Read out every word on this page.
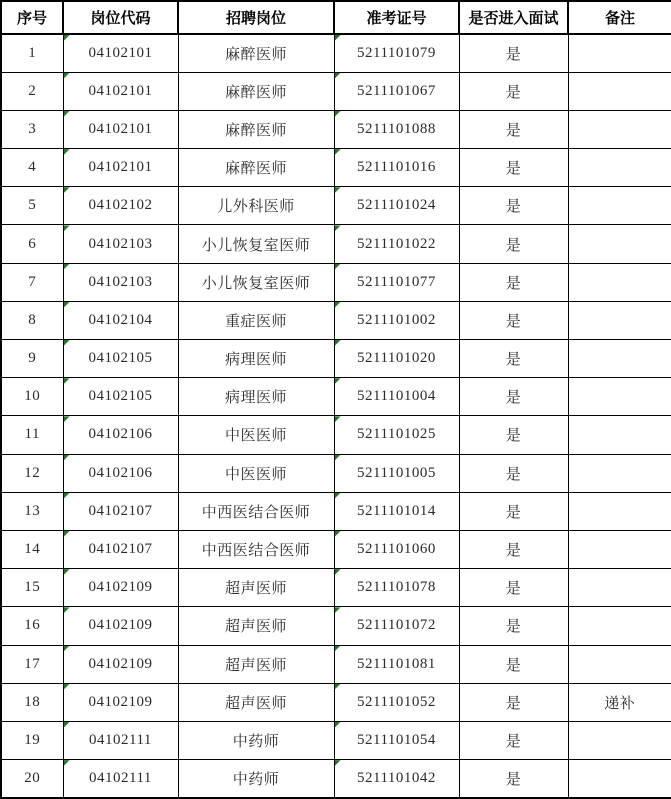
序号	岗位代码	招聘岗位	准考证号	是否进入面试	备注
1	04102101	麻醉医师	5211101079	是	
2	04102101	麻醉医师	5211101067	是	
3	04102101	麻醉医师	5211101088	是	
4	04102101	麻醉医师	5211101016	是	
5	04102102	儿外科医师	5211101024	是	
6	04102103	小儿恢复室医师	5211101022	是	
7	04102103	小儿恢复室医师	5211101077	是	
8	04102104	重症医师	5211101002	是	
9	04102105	病理医师	5211101020	是	
10	04102105	病理医师	5211101004	是	
11	04102106	中医医师	5211101025	是	
12	04102106	中医医师	5211101005	是	
13	04102107	中西医结合医师	5211101014	是	
14	04102107	中西医结合医师	5211101060	是	
15	04102109	超声医师	5211101078	是	
16	04102109	超声医师	5211101072	是	
17	04102109	超声医师	5211101081	是	
18	04102109	超声医师	5211101052	是	递补
19	04102111	中药师	5211101054	是	
20	04102111	中药师	5211101042	是	
